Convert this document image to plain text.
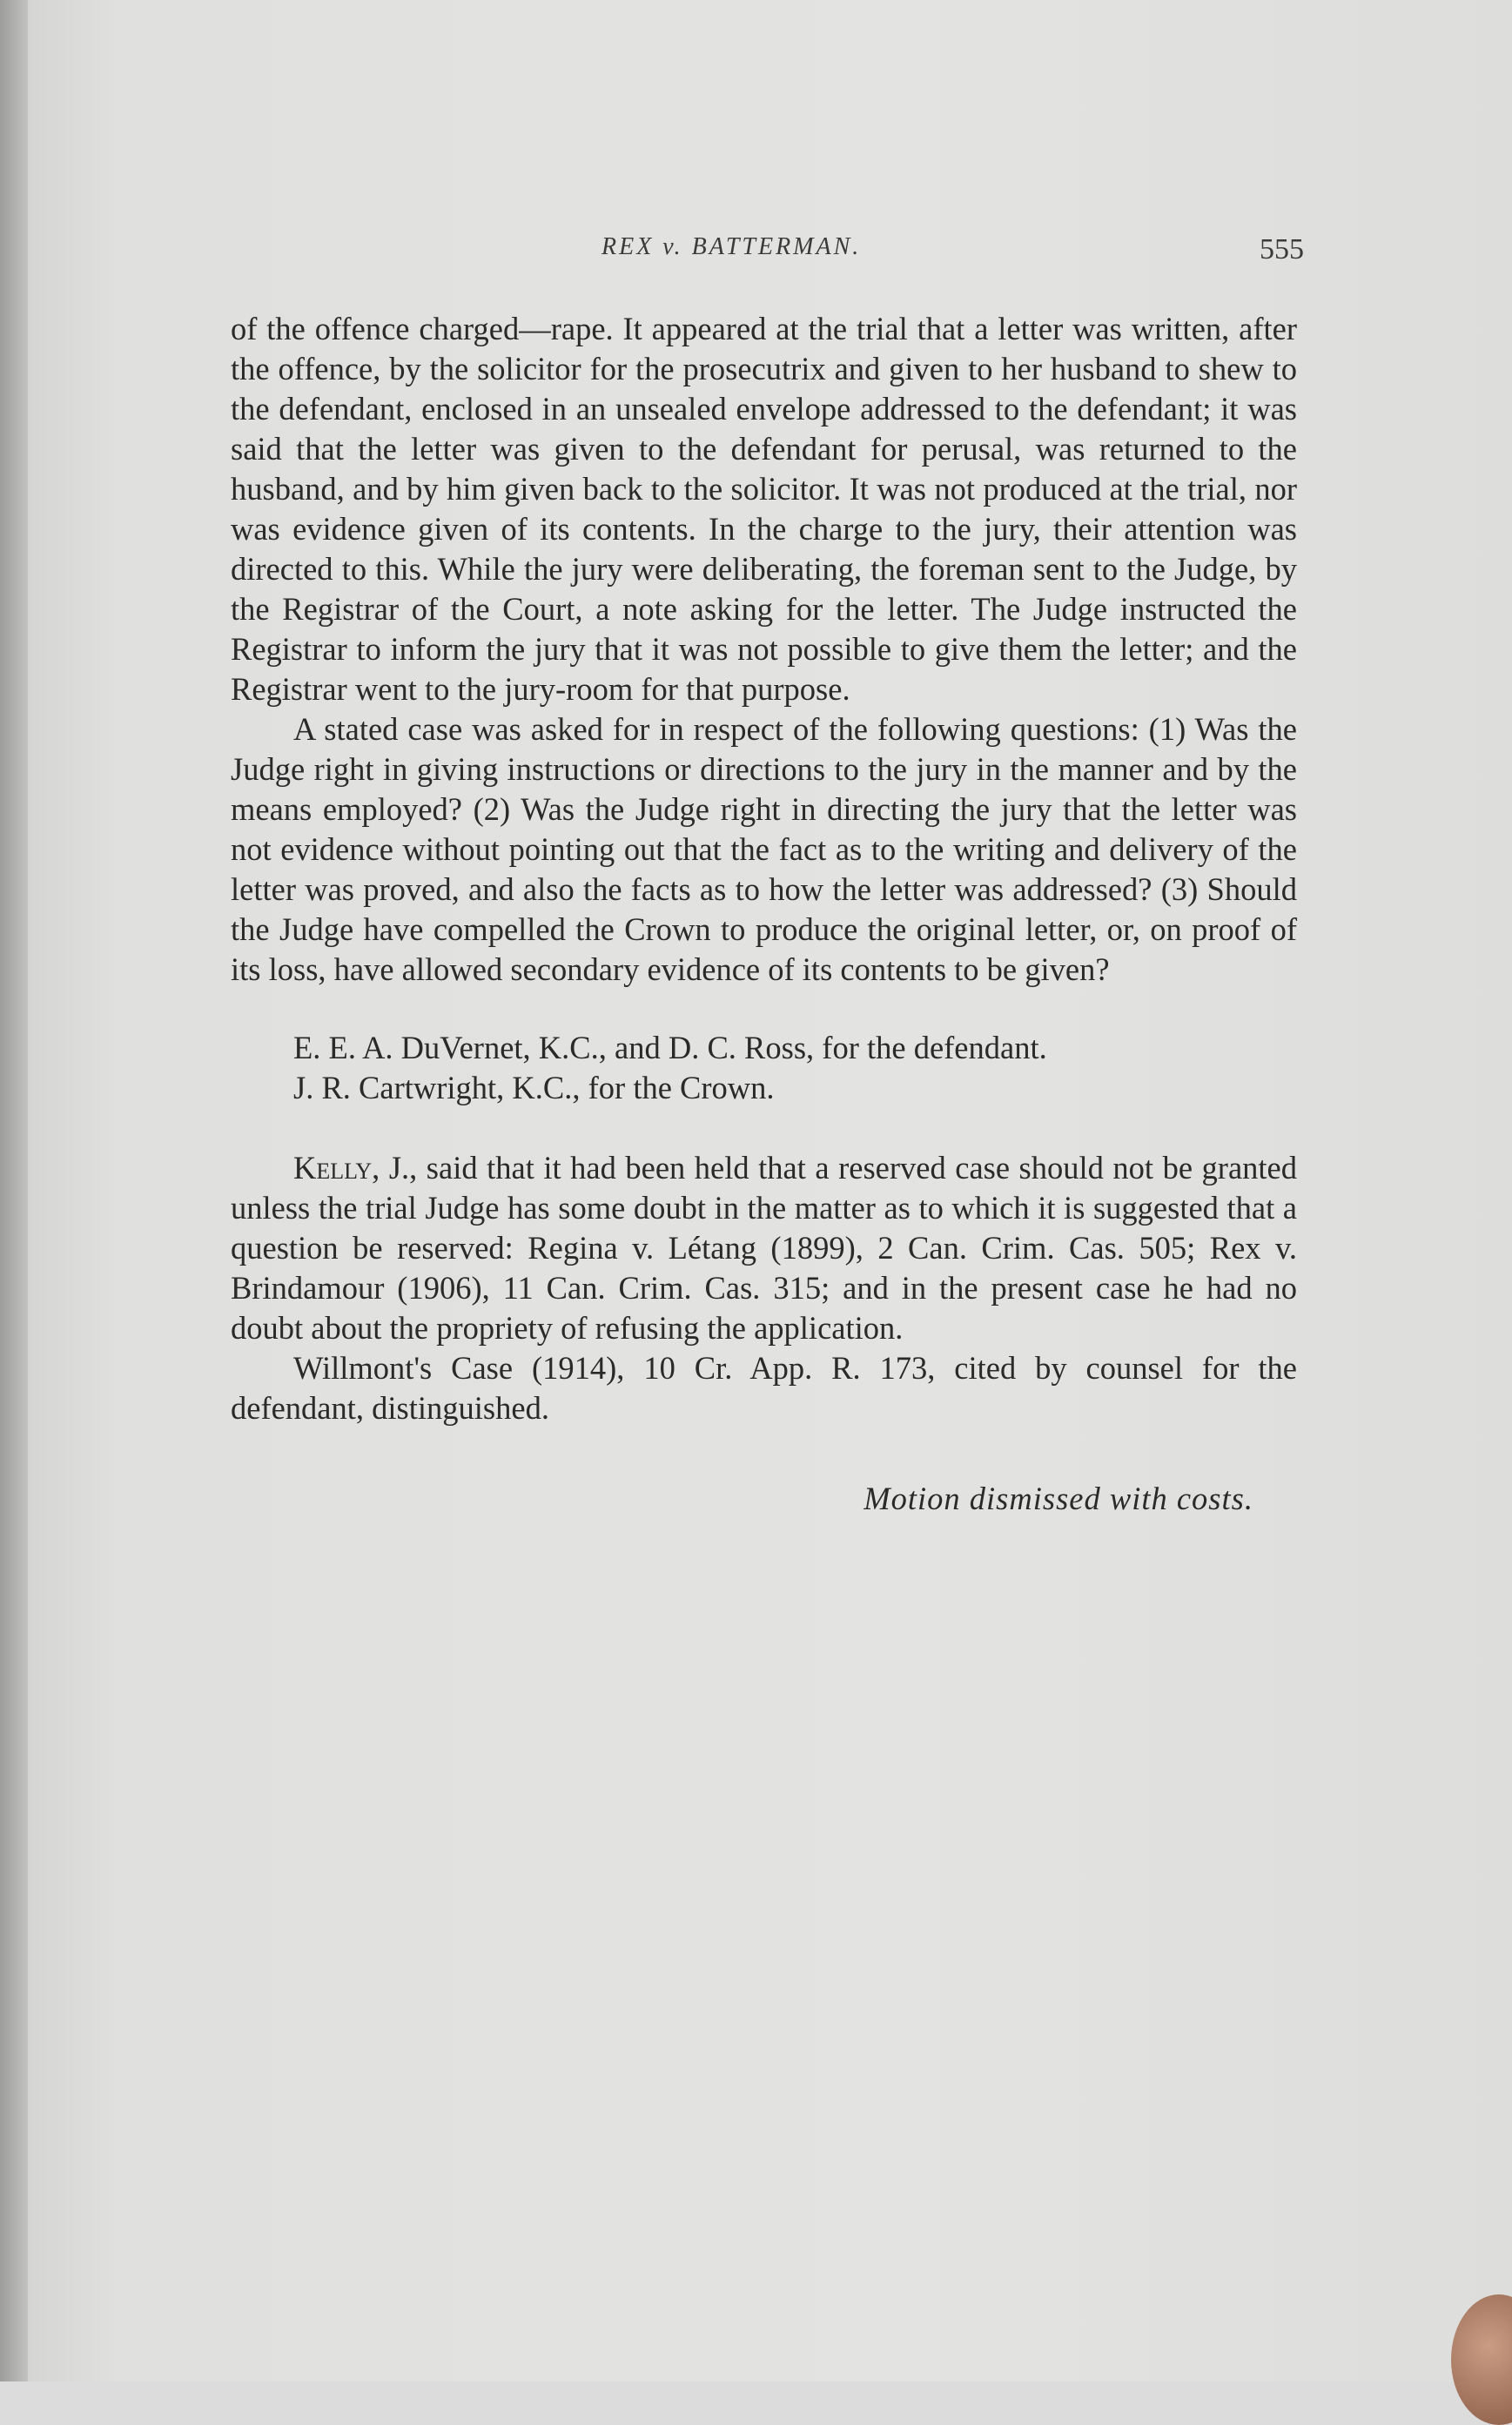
REX v. BATTERMAN.	555

of the offence charged—rape. It appeared at the trial that a letter was written, after the offence, by the solicitor for the prosecutrix and given to her husband to shew to the defendant, enclosed in an unsealed envelope addressed to the defendant; it was said that the letter was given to the defendant for perusal, was returned to the husband, and by him given back to the solicitor. It was not produced at the trial, nor was evidence given of its contents. In the charge to the jury, their attention was directed to this. While the jury were deliberating, the foreman sent to the Judge, by the Registrar of the Court, a note asking for the letter. The Judge instructed the Registrar to inform the jury that it was not possible to give them the letter; and the Registrar went to the jury-room for that purpose.

A stated case was asked for in respect of the following questions: (1) Was the Judge right in giving instructions or directions to the jury in the manner and by the means employed? (2) Was the Judge right in directing the jury that the letter was not evidence without pointing out that the fact as to the writing and delivery of the letter was proved, and also the facts as to how the letter was addressed? (3) Should the Judge have compelled the Crown to produce the original letter, or, on proof of its loss, have allowed secondary evidence of its contents to be given?

E. E. A. DuVernet, K.C., and D. C. Ross, for the defendant.

J. R. Cartwright, K.C., for the Crown.

Kelly, J., said that it had been held that a reserved case should not be granted unless the trial Judge has some doubt in the matter as to which it is suggested that a question be reserved: Regina v. Létang (1899), 2 Can. Crim. Cas. 505; Rex v. Brindamour (1906), 11 Can. Crim. Cas. 315; and in the present case he had no doubt about the propriety of refusing the application.

Willmont's Case (1914), 10 Cr. App. R. 173, cited by counsel for the defendant, distinguished.

Motion dismissed with costs.
